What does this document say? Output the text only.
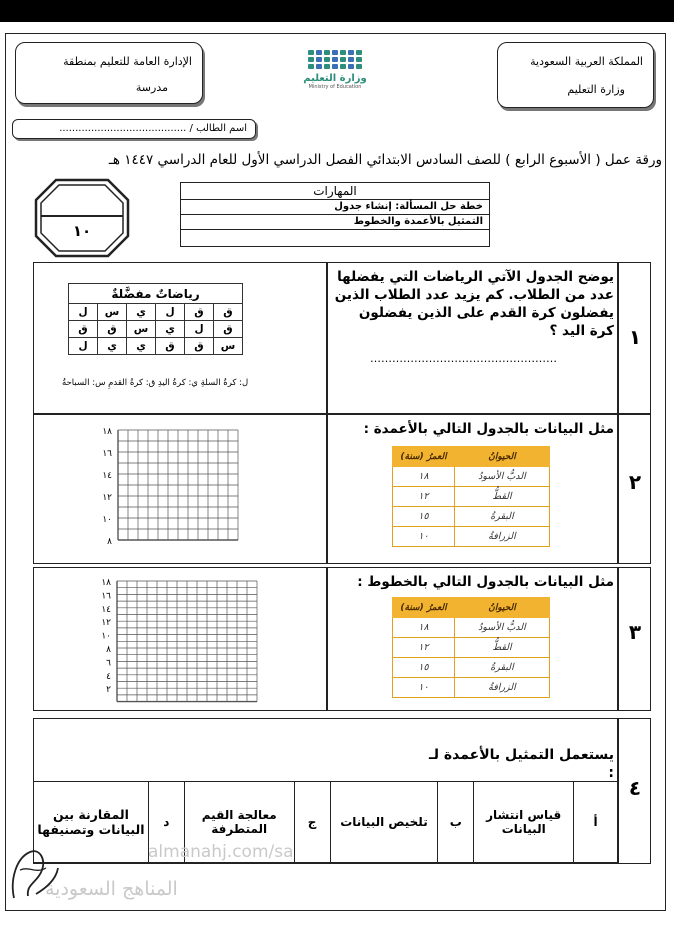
المملكة العربية السعودية
وزارة التعليم
الإدارة العامة للتعليم بمنطقة
مدرسة
وزارة التعليم
Ministry of Education
اسم الطالب / ........................................
ورقة عمل ( الأسبوع الرابع ) للصف السادس الابتدائي الفصل الدراسي الأول للعام الدراسي ١٤٤٧ هـ
١٠
المهارات
خطة حل المسألة: إنشاء جدول
التمثيل بالأعمدة والخطوط
١
يوضح الجدول الآتي الرياضات التي يفضلها عدد من الطلاب. كم يزيد عدد الطلاب الذين يفضلون كرة القدم على الذين يفضلون كرة اليد ؟
……………………………………………
رياضاتٌ مفضَّلةٌ					
ق	ق	ل	ي	س	ل
ق	ل	ي	س	ق	ق
س	ق	ق	ي	ي	ل
ل: كرةُ السلةِ ي: كرةُ اليدِ ق: كرةُ القدمِ س: السباحةُ
٢
مثل البيانات بالجدول التالي بالأعمدة :
الحيوانُ	العمرُ (سنة)
الدبُّ الأسودُ	١٨
القطُّ	١٢
البقرةُ	١٥
الزرافةُ	١٠
١٨
١٦
١٤
١٢
١٠
٨
٣
مثل البيانات بالجدول التالي بالخطوط :
الحيوانُ	العمرُ (سنة)
الدبُّ الأسودُ	١٨
القطُّ	١٢
البقرةُ	١٥
الزرافةُ	١٠
١٨
١٦
١٤
١٢
١٠
٨
٦
٤
٢
٤
يستعمل التمثيل بالأعمدة لـ :
أ	قياس انتشار البيانات	ب	تلخيص البيانات	ج	معالجة القيم المتطرفة	د	المقارنة بين البيانات وتصنيفها
almanahj.com/sa
المناهج السعودية
